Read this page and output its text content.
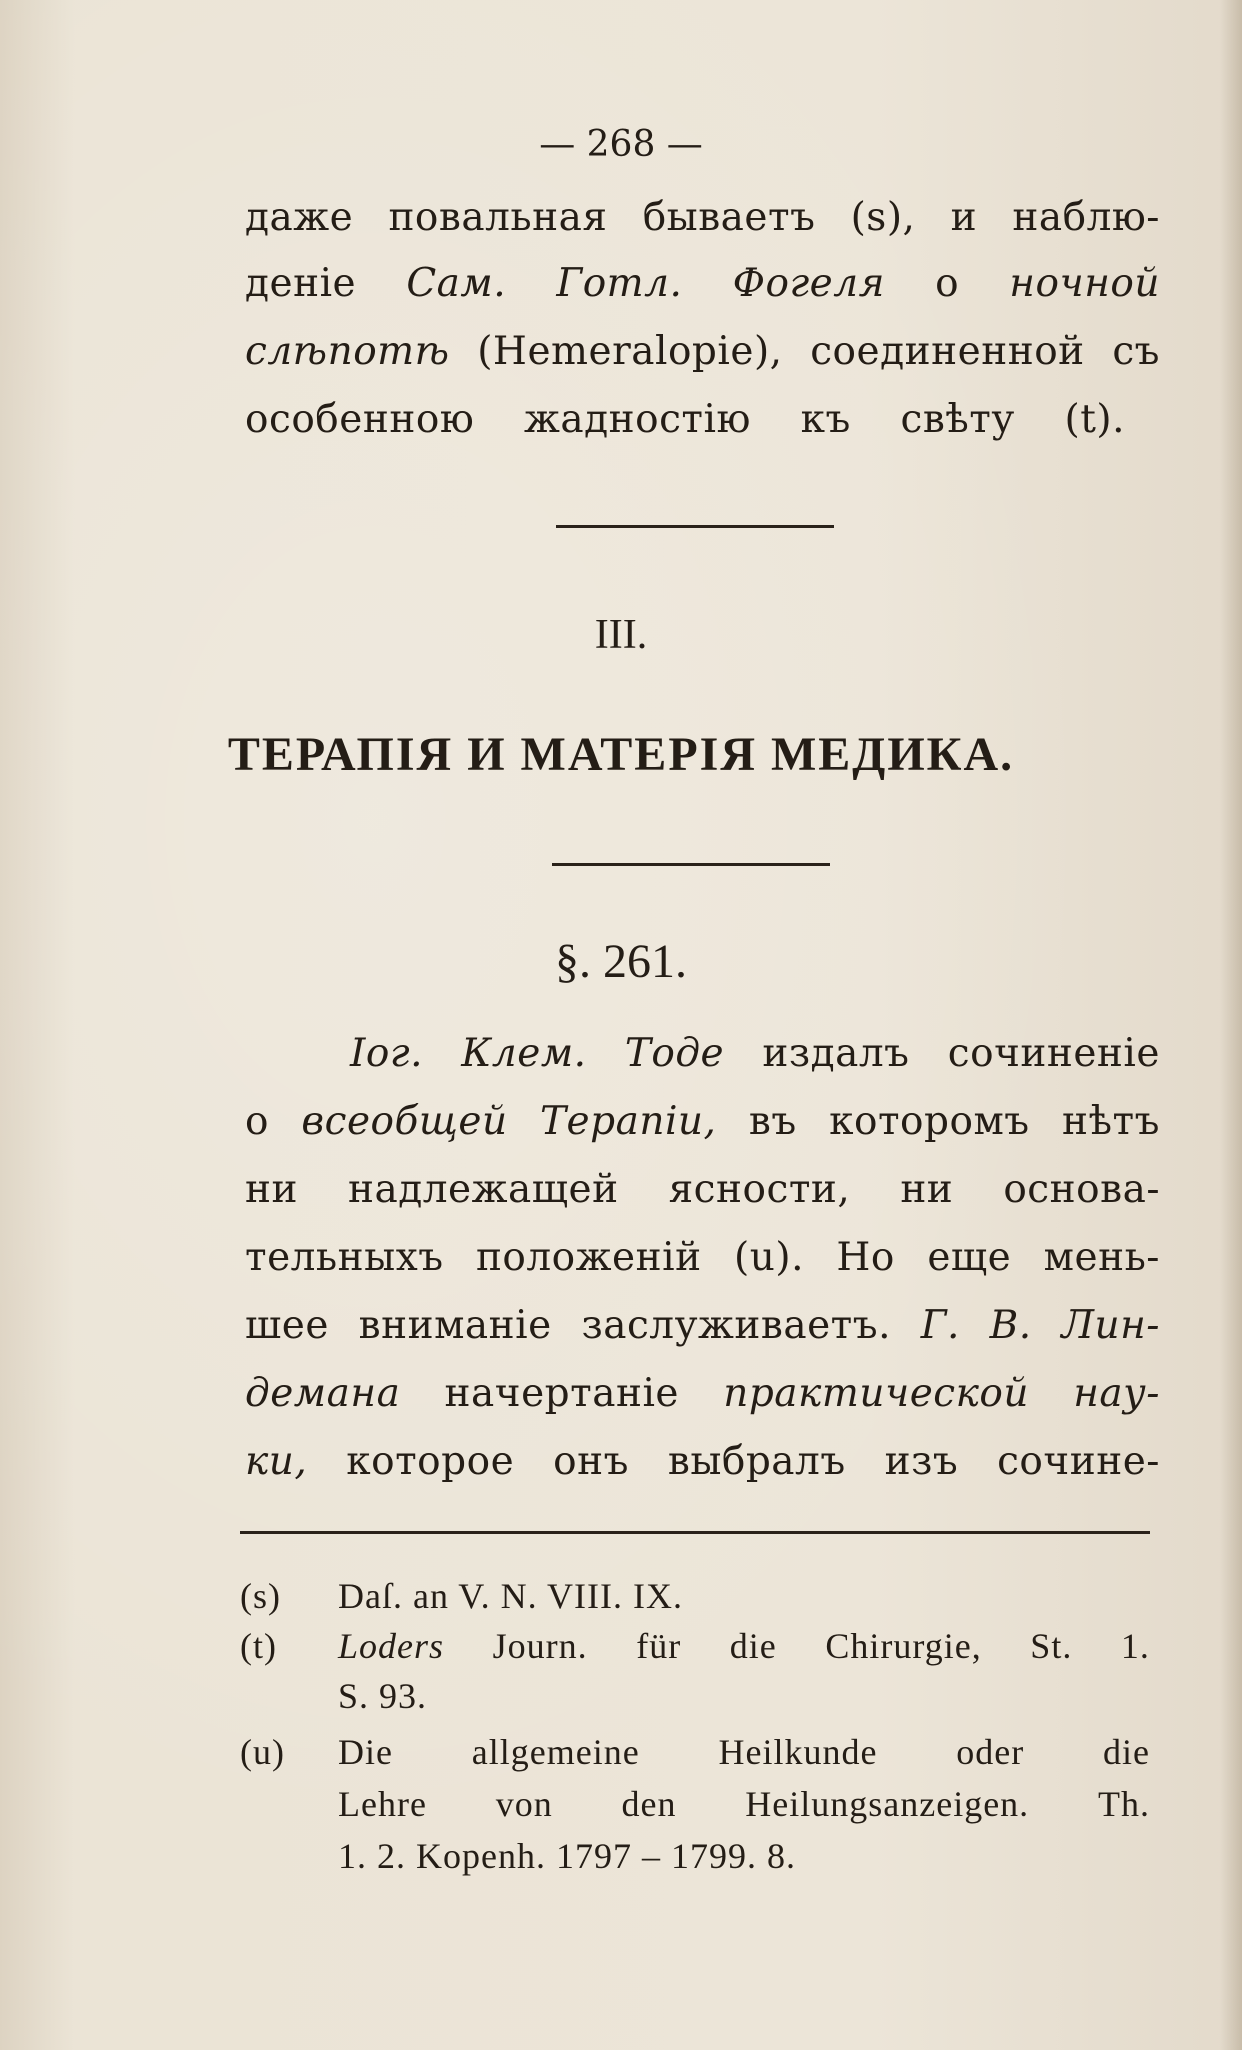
— 268 —
даже повальная бываетъ (s), и наблю-
деніе Сам. Готл. Фогеля о ночной
слѣпотѣ (Hemeralopie), соединенной съ
особенною жадностію къ свѣту (t).
III.
ТЕРАПІЯ И МАТЕРІЯ МЕДИКА.
§. 261.
Іог. Клем. Тоде издалъ сочиненіе
о всеобщей Терапіи, въ которомъ нѣтъ
ни надлежащей ясности, ни основа-
тельныхъ положеній (u). Но еще мень-
шее вниманіе заслуживаетъ. Г. В. Лин-
демана начертаніе практической нау-
ки, которое онъ выбралъ изъ сочине-
(s)	Daſ. an V. N. VIII. IX.
(t)	Loders Journ. für die Chirurgie, St. 1.
S. 93.
(u)	Die allgemeine Heilkunde oder die
Lehre von den Heilungsanzeigen. Th.
1. 2. Kopenh. 1797 – 1799. 8.
